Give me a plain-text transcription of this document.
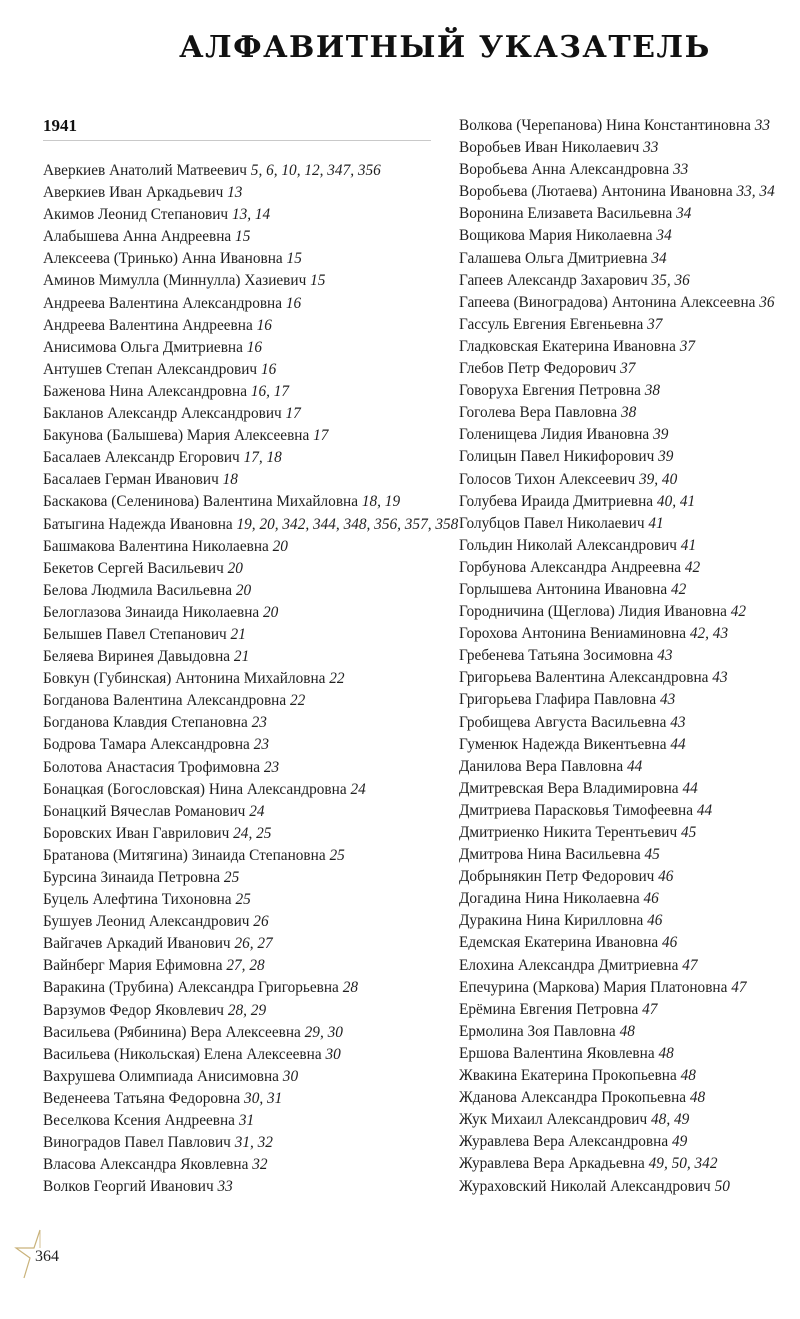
АЛФАВИТНЫЙ УКАЗАТЕЛЬ
1941
Аверкиев Анатолий Матвеевич 5, 6, 10, 12, 347, 356
Аверкиев Иван Аркадьевич 13
Акимов Леонид Степанович 13, 14
Алабышева Анна Андреевна 15
Алексеева (Тринько) Анна Ивановна 15
Аминов Мимулла (Миннулла) Хазиевич 15
Андреева Валентина Александровна 16
Андреева Валентина Андреевна 16
Анисимова Ольга Дмитриевна 16
Антушев Степан Александрович 16
Баженова Нина Александровна 16, 17
Бакланов Александр Александрович 17
Бакунова (Балышева) Мария Алексеевна 17
Басалаев Александр Егорович 17, 18
Басалаев Герман Иванович 18
Баскакова (Селенинова) Валентина Михайловна 18, 19
Батыгина Надежда Ивановна 19, 20, 342, 344, 348, 356, 357, 358
Башмакова Валентина Николаевна 20
Бекетов Сергей Васильевич 20
Белова Людмила Васильевна 20
Белоглазова Зинаида Николаевна 20
Белышев Павел Степанович 21
Беляева Виринея Давыдовна 21
Бовкун (Губинская) Антонина Михайловна 22
Богданова Валентина Александровна 22
Богданова Клавдия Степановна 23
Бодрова Тамара Александровна 23
Болотова Анастасия Трофимовна 23
Бонацкая (Богословская) Нина Александровна 24
Бонацкий Вячеслав Романович 24
Боровских Иван Гаврилович 24, 25
Братанова (Митягина) Зинаида Степановна 25
Бурсина Зинаида Петровна 25
Буцель Алефтина Тихоновна 25
Бушуев Леонид Александрович 26
Вайгачев Аркадий Иванович 26, 27
Вайнберг Мария Ефимовна 27, 28
Варакина (Трубина) Александра Григорьевна 28
Варзумов Федор Яковлевич 28, 29
Васильева (Рябинина) Вера Алексеевна 29, 30
Васильева (Никольская) Елена Алексеевна 30
Вахрушева Олимпиада Анисимовна 30
Веденеева Татьяна Федоровна 30, 31
Веселкова Ксения Андреевна 31
Виноградов Павел Павлович 31, 32
Власова Александра Яковлевна 32
Волков Георгий Иванович 33
Волкова (Черепанова) Нина Константиновна 33
Воробьев Иван Николаевич 33
Воробьева Анна Александровна 33
Воробьева (Лютаева) Антонина Ивановна 33, 34
Воронина Елизавета Васильевна 34
Вощикова Мария Николаевна 34
Галашева Ольга Дмитриевна 34
Гапеев Александр Захарович 35, 36
Гапеева (Виноградова) Антонина Алексеевна 36
Гассуль Евгения Евгеньевна 37
Гладковская Екатерина Ивановна 37
Глебов Петр Федорович 37
Говоруха Евгения Петровна 38
Гоголева Вера Павловна 38
Голенищева Лидия Ивановна 39
Голицын Павел Никифорович 39
Голосов Тихон Алексеевич 39, 40
Голубева Ираида Дмитриевна 40, 41
Голубцов Павел Николаевич 41
Гольдин Николай Александрович 41
Горбунова Александра Андреевна 42
Горлышева Антонина Ивановна 42
Городничина (Щеглова) Лидия Ивановна 42
Горохова Антонина Вениаминовна 42, 43
Гребенева Татьяна Зосимовна 43
Григорьева Валентина Александровна 43
Григорьева Глафира Павловна 43
Гробищева Августа Васильевна 43
Гуменюк Надежда Викентьевна 44
Данилова Вера Павловна 44
Дмитревская Вера Владимировна 44
Дмитриева Парасковья Тимофеевна 44
Дмитриенко Никита Терентьевич 45
Дмитрова Нина Васильевна 45
Добрынякин Петр Федорович 46
Догадина Нина Николаевна 46
Дуракина Нина Кирилловна 46
Едемская Екатерина Ивановна 46
Елохина Александра Дмитриевна 47
Епечурина (Маркова) Мария Платоновна 47
Ерёмина Евгения Петровна 47
Ермолина Зоя Павловна 48
Ершова Валентина Яковлевна 48
Жвакина Екатерина Прокопьевна 48
Жданова Александра Прокопьевна 48
Жук Михаил Александрович 48, 49
Журавлева Вера Александровна 49
Журавлева Вера Аркадьевна 49, 50, 342
Жураховский Николай Александрович 50
364
